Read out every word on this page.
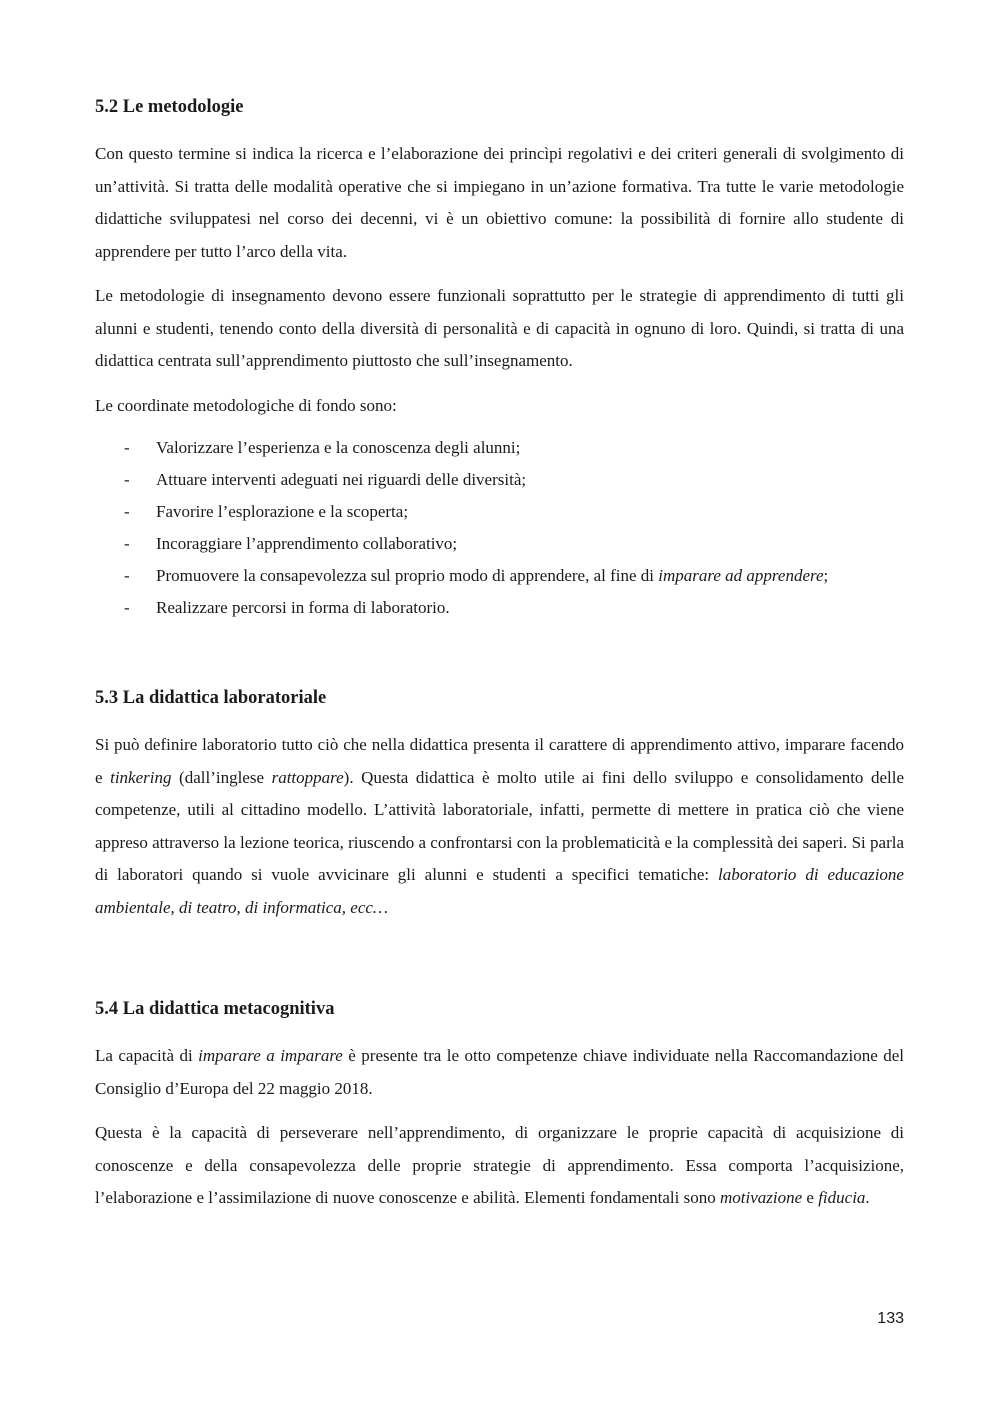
5.2 Le metodologie

Con questo termine si indica la ricerca e l’elaborazione dei princìpi regolativi e dei criteri generali di svolgimento di un’attività. Si tratta delle modalità operative che si impiegano in un’azione formativa. Tra tutte le varie metodologie didattiche sviluppatesi nel corso dei decenni, vi è un obiettivo comune: la possibilità di fornire allo studente di apprendere per tutto l’arco della vita.

Le metodologie di insegnamento devono essere funzionali soprattutto per le strategie di apprendimento di tutti gli alunni e studenti, tenendo conto della diversità di personalità e di capacità in ognuno di loro. Quindi, si tratta di una didattica centrata sull’apprendimento piuttosto che sull’insegnamento.

Le coordinate metodologiche di fondo sono:

- Valorizzare l’esperienza e la conoscenza degli alunni;
- Attuare interventi adeguati nei riguardi delle diversità;
- Favorire l’esplorazione e la scoperta;
- Incoraggiare l’apprendimento collaborativo;
- Promuovere la consapevolezza sul proprio modo di apprendere, al fine di imparare ad apprendere;
- Realizzare percorsi in forma di laboratorio.
5.3 La didattica laboratoriale

Si può definire laboratorio tutto ciò che nella didattica presenta il carattere di apprendimento attivo, imparare facendo e tinkering (dall’inglese rattoppare). Questa didattica è molto utile ai fini dello sviluppo e consolidamento delle competenze, utili al cittadino modello. L’attività laboratoriale, infatti, permette di mettere in pratica ciò che viene appreso attraverso la lezione teorica, riuscendo a confrontarsi con la problematicità e la complessità dei saperi. Si parla di laboratori quando si vuole avvicinare gli alunni e studenti a specifici tematiche: laboratorio di educazione ambientale, di teatro, di informatica, ecc…

5.4 La didattica metacognitiva

La capacità di imparare a imparare è presente tra le otto competenze chiave individuate nella Raccomandazione del Consiglio d’Europa del 22 maggio 2018.

Questa è la capacità di perseverare nell’apprendimento, di organizzare le proprie capacità di acquisizione di conoscenze e della consapevolezza delle proprie strategie di apprendimento. Essa comporta l’acquisizione, l’elaborazione e l’assimilazione di nuove conoscenze e abilità. Elementi fondamentali sono motivazione e fiducia.

133
